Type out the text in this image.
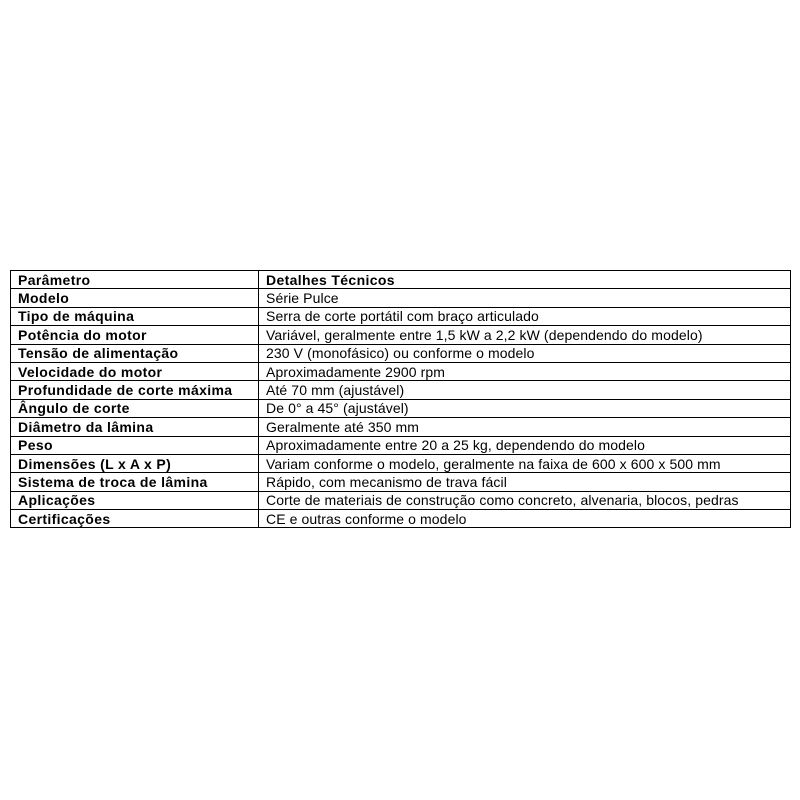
Parâmetro	Detalhes Técnicos
Modelo	Série Pulce
Tipo de máquina	Serra de corte portátil com braço articulado
Potência do motor	Variável, geralmente entre 1,5 kW a 2,2 kW (dependendo do modelo)
Tensão de alimentação	230 V (monofásico) ou conforme o modelo
Velocidade do motor	Aproximadamente 2900 rpm
Profundidade de corte máxima	Até 70 mm (ajustável)
Ângulo de corte	De 0° a 45° (ajustável)
Diâmetro da lâmina	Geralmente até 350 mm
Peso	Aproximadamente entre 20 a 25 kg, dependendo do modelo
Dimensões (L x A x P)	Variam conforme o modelo, geralmente na faixa de 600 x 600 x 500 mm
Sistema de troca de lâmina	Rápido, com mecanismo de trava fácil
Aplicações	Corte de materiais de construção como concreto, alvenaria, blocos, pedras
Certificações	CE e outras conforme o modelo
